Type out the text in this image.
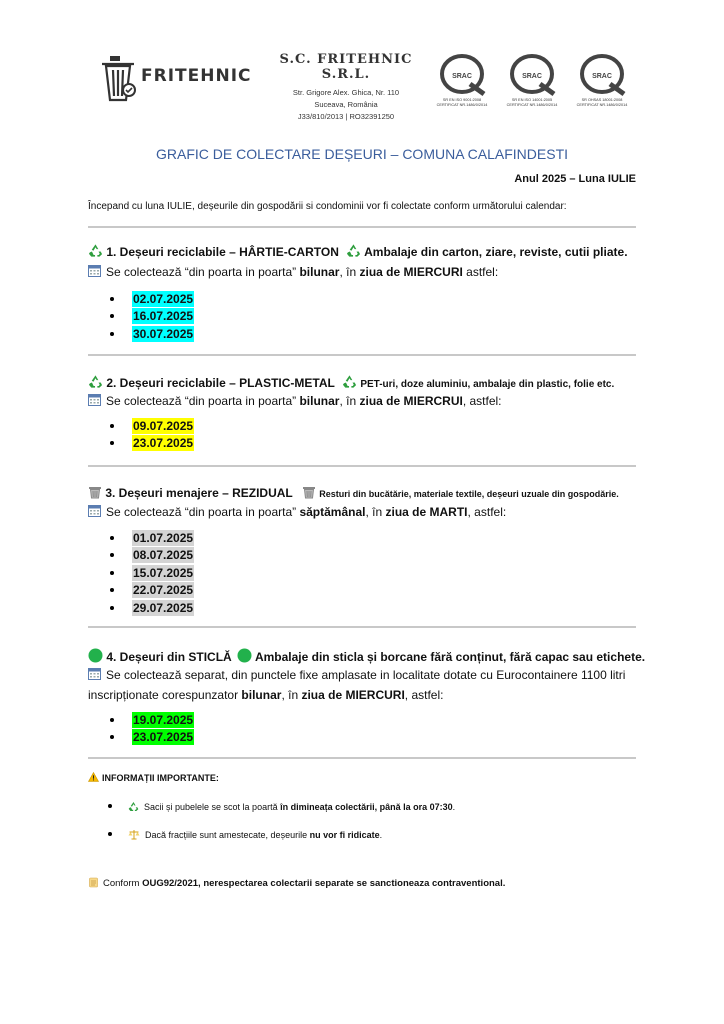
FRITEHNIC
S.C. FRITEHNIC S.R.L.
Str. Grigore Alex. Ghica, Nr. 110
Suceava, România
J33/810/2013 | RO32391250
SRAC
SR EN ISO 9001:2008
CERTIFICAT NR.1486/0/2014
SRAC
SR EN ISO 14001:2005
CERTIFICAT NR.1486/0/2014
SRAC
SR OHSAS 18001:2008
CERTIFICAT NR.1486/0/2014
GRAFIC DE COLECTARE DEȘEURI – COMUNA CALAFINDESTI
Anul 2025 – Luna IULIE
Începand cu luna IULIE, deșeurile din gospodării si condominii vor fi colectate conform următorului calendar:
1. Deșeuri reciclabile – HÂRTIE-CARTON Ambalaje din carton, ziare, reviste, cutii pliate.
Se colectează “din poarta in poarta” bilunar, în ziua de MIERCURI astfel:
02.07.2025
16.07.2025
30.07.2025
2. Deșeuri reciclabile – PLASTIC-METAL	PET-uri, doze aluminiu, ambalaje din plastic, folie etc.
Se colectează “din poarta in poarta” bilunar, în ziua de MIERCRUI, astfel:
09.07.2025
23.07.2025
3. Deșeuri menajere – REZIDUAL	Resturi din bucătărie, materiale textile, deșeuri uzuale din gospodărie.
Se colectează “din poarta in poarta” săptămânal, în ziua de MARTI, astfel:
01.07.2025
08.07.2025
15.07.2025
22.07.2025
29.07.2025
4. Deșeuri din STICLĂ Ambalaje din sticla și borcane fără conținut, fără capac sau etichete.
Se colectează separat, din punctele fixe amplasate in localitate dotate cu Eurocontainere 1100 litri inscripționate corespunzator bilunar, în ziua de MIERCURI, astfel:
19.07.2025
23.07.2025
INFORMAȚII IMPORTANTE:
Sacii și pubelele se scot la poartă în dimineața colectării, până la ora 07:30.
Dacă fracțiile sunt amestecate, deșeurile nu vor fi ridicate.
Conform OUG92/2021, nerespectarea colectarii separate se sanctioneaza contraventional.
